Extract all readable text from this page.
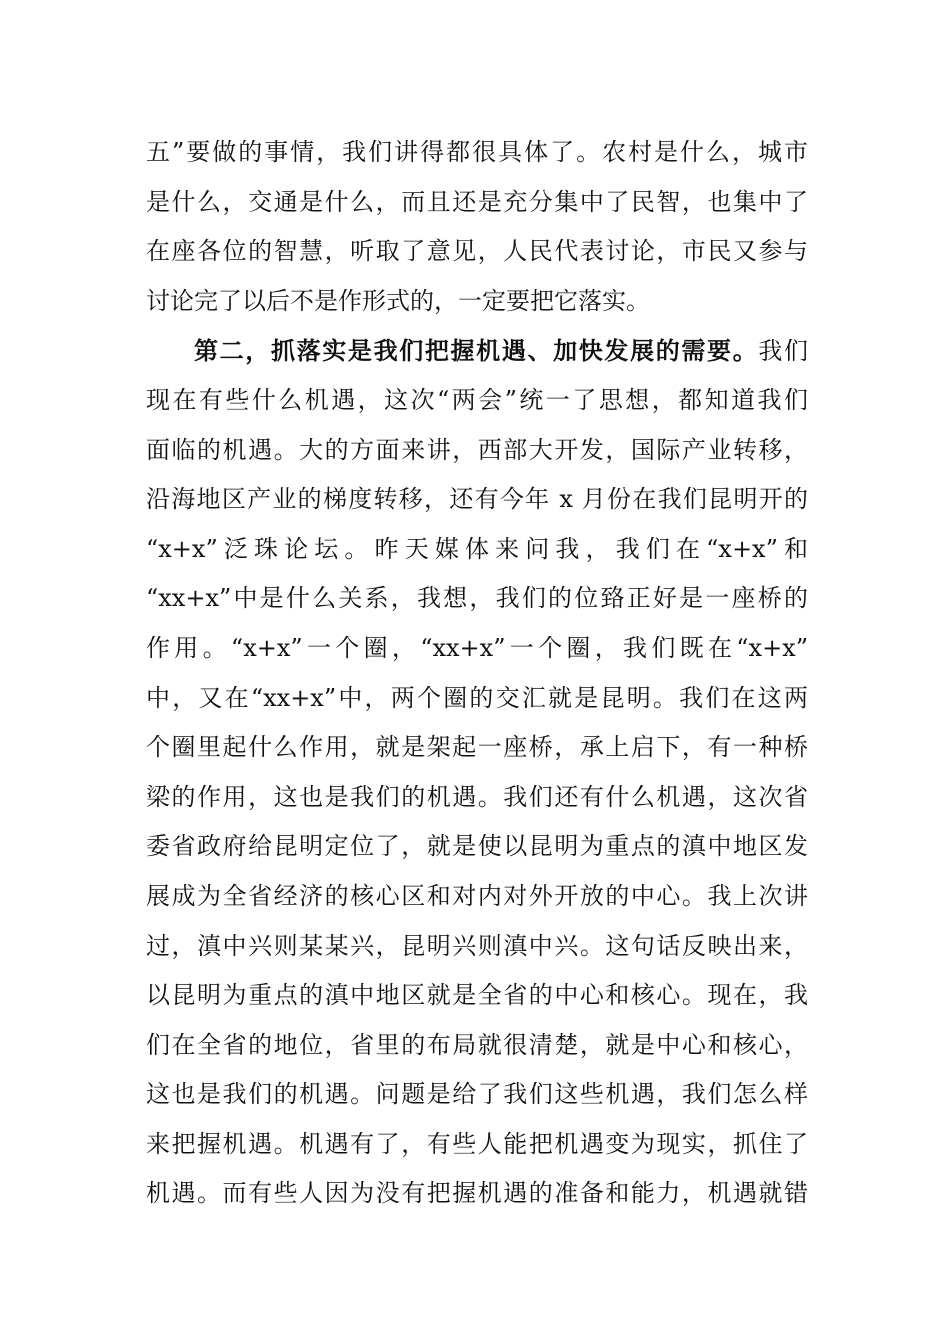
五”要做的事情，我们讲得都很具体了。农村是什么，城市
是什么，交通是什么，而且还是充分集中了民智，也集中了
在座各位的智慧，听取了意见，人民代表讨论，市民又参与
讨论完了以后不是作形式的，一定要把它落实。
第二，抓落实是我们把握机遇、加快发展的需要。我们
现在有些什么机遇，这次“两会”统一了思想，都知道我们
面临的机遇。大的方面来讲，西部大开发，国际产业转移，
沿海地区产业的梯度转移，还有今年 x 月份在我们昆明开的
“x+x”泛珠论坛。昨天媒体来问我，我们在“x+x”和
“xx+x”中是什么关系，我想，我们的位臵正好是一座桥的
作用。“x+x”一个圈，“xx+x”一个圈，我们既在“x+x”
中，又在“xx+x”中，两个圈的交汇就是昆明。我们在这两
个圈里起什么作用，就是架起一座桥，承上启下，有一种桥
梁的作用，这也是我们的机遇。我们还有什么机遇，这次省
委省政府给昆明定位了，就是使以昆明为重点的滇中地区发
展成为全省经济的核心区和对内对外开放的中心。我上次讲
过，滇中兴则某某兴，昆明兴则滇中兴。这句话反映出来，
以昆明为重点的滇中地区就是全省的中心和核心。现在，我
们在全省的地位，省里的布局就很清楚，就是中心和核心，
这也是我们的机遇。问题是给了我们这些机遇，我们怎么样
来把握机遇。机遇有了，有些人能把机遇变为现实，抓住了
机遇。而有些人因为没有把握机遇的准备和能力，机遇就错
